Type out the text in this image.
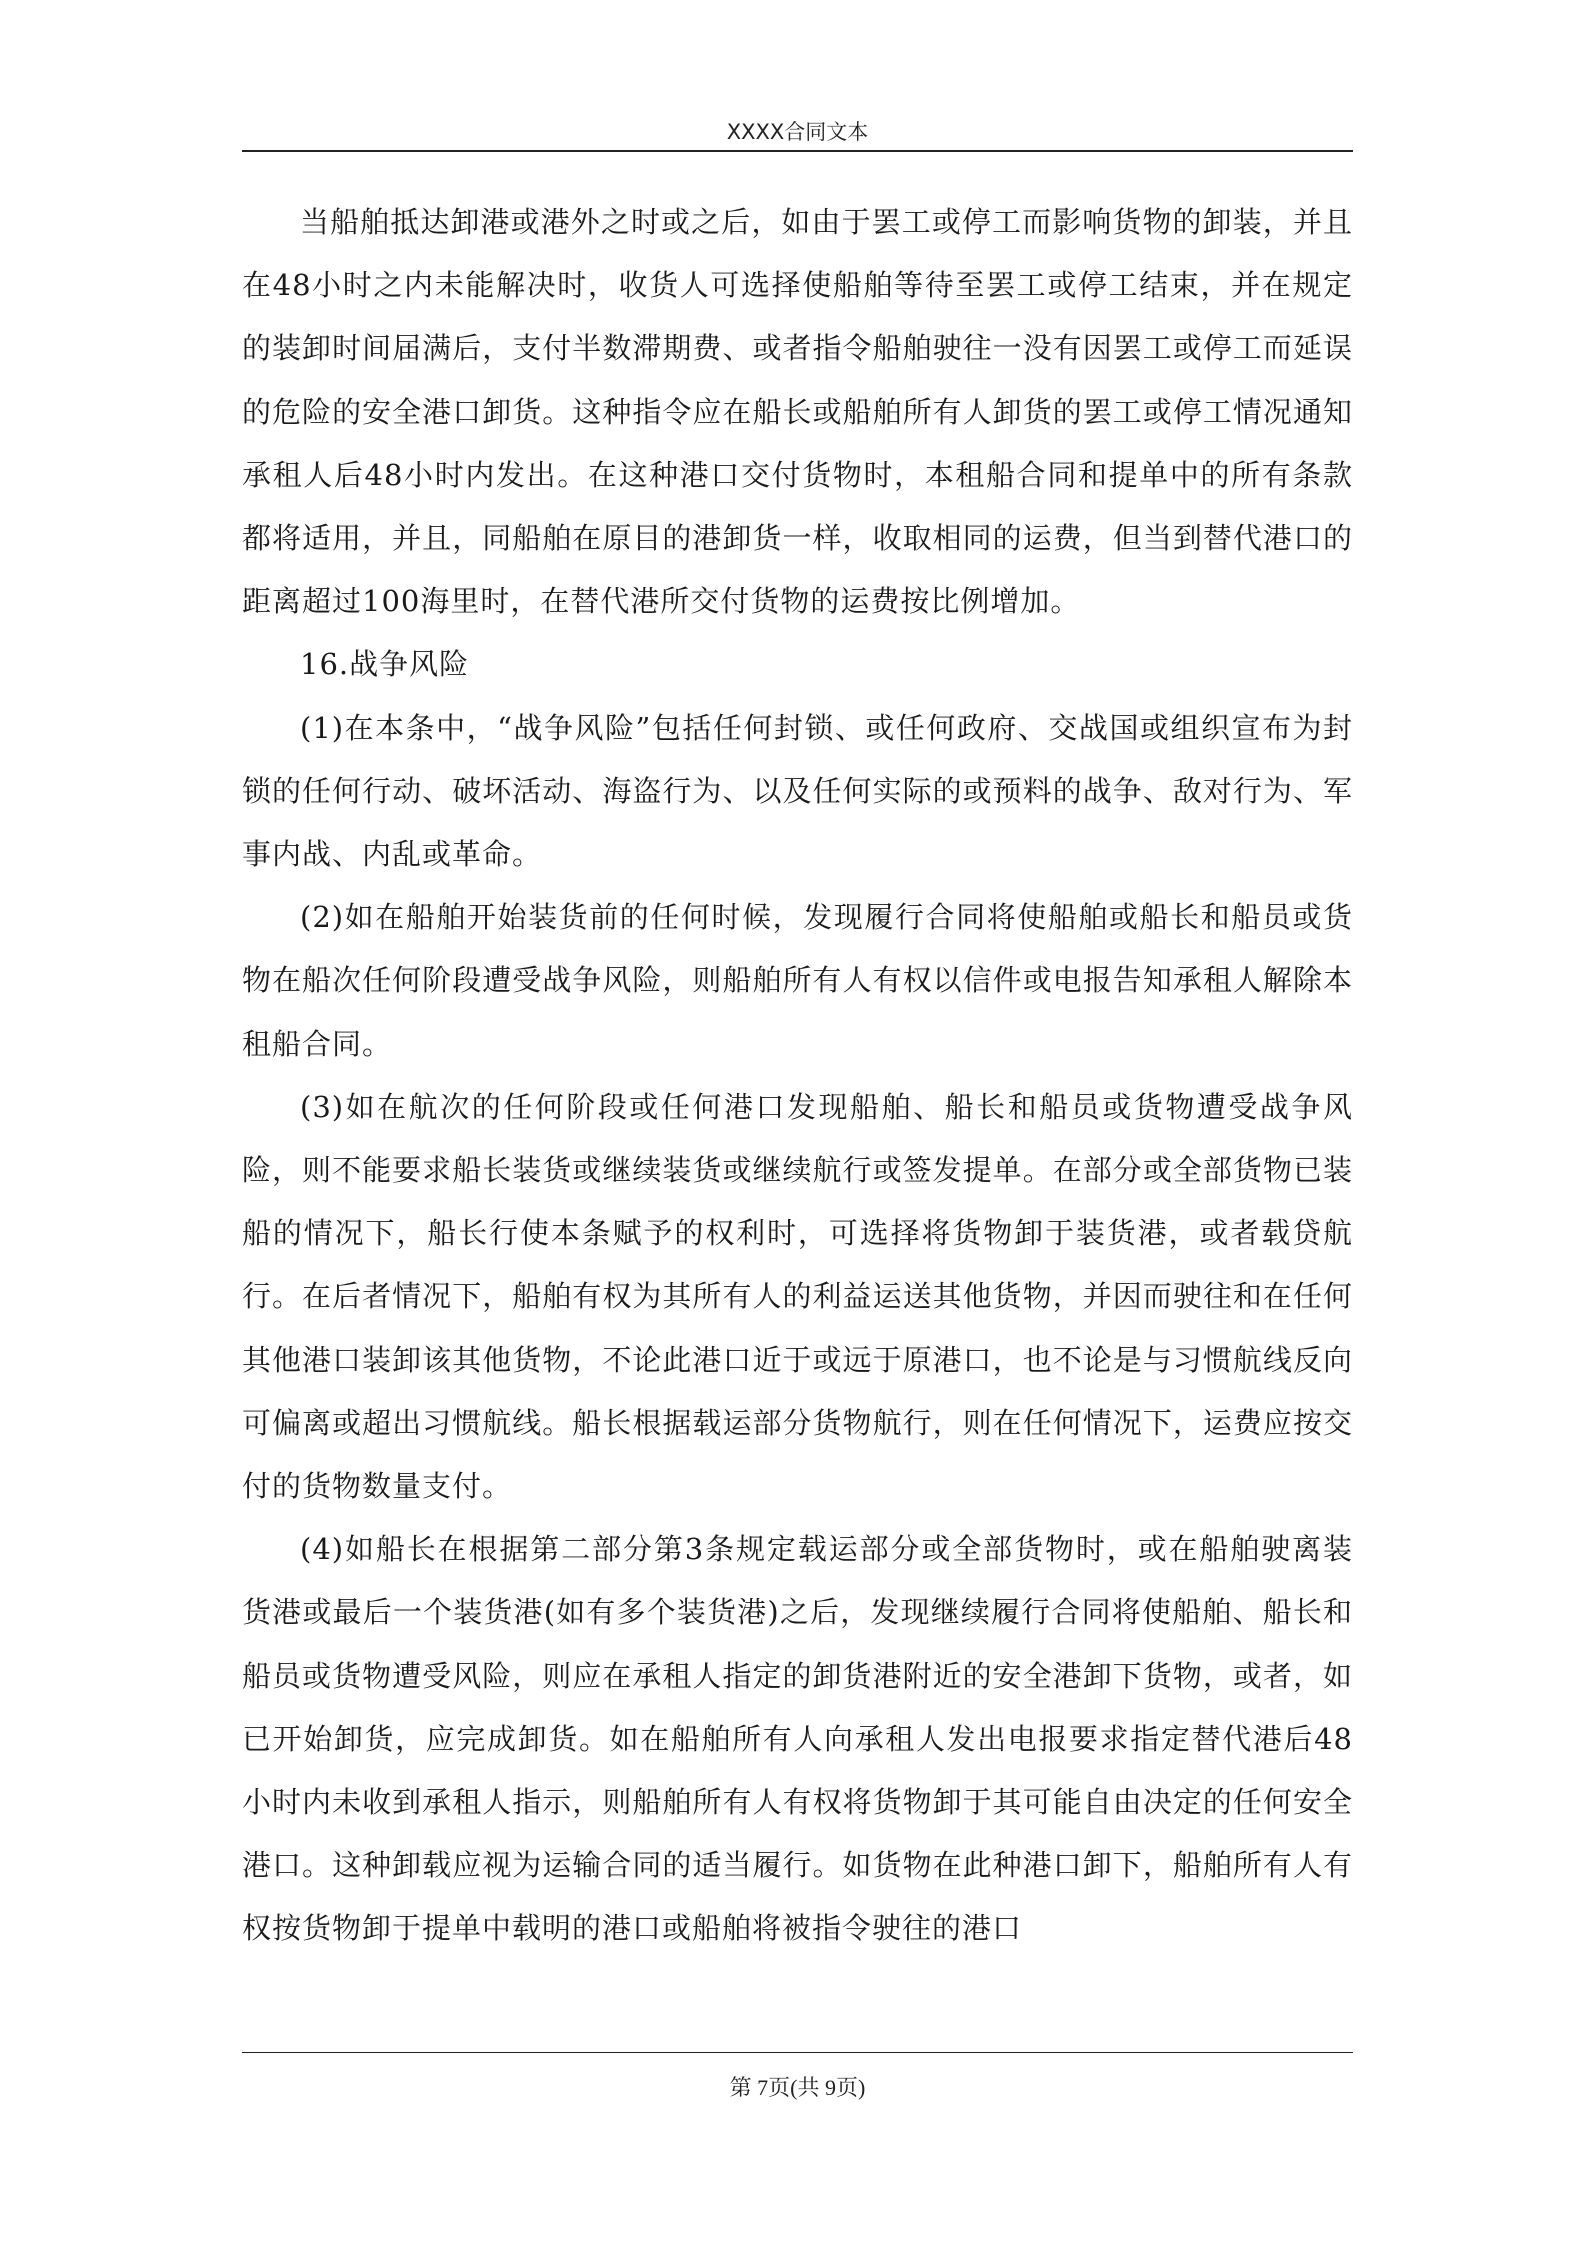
XXXX合同文本

当船舶抵达卸港或港外之时或之后，如由于罢工或停工而影响货物的卸装，并且在48小时之内未能解决时，收货人可选择使船舶等待至罢工或停工结束，并在规定的装卸时间届满后，支付半数滞期费、或者指令船舶驶往一没有因罢工或停工而延误的危险的安全港口卸货。这种指令应在船长或船舶所有人卸货的罢工或停工情况通知承租人后48小时内发出。在这种港口交付货物时，本租船合同和提单中的所有条款都将适用，并且，同船舶在原目的港卸货一样，收取相同的运费，但当到替代港口的距离超过100海里时，在替代港所交付货物的运费按比例增加。

16.战争风险

(1)在本条中，“战争风险”包括任何封锁、或任何政府、交战国或组织宣布为封锁的任何行动、破坏活动、海盗行为、以及任何实际的或预料的战争、敌对行为、军事内战、内乱或革命。

(2)如在船舶开始装货前的任何时候，发现履行合同将使船舶或船长和船员或货物在船次任何阶段遭受战争风险，则船舶所有人有权以信件或电报告知承租人解除本租船合同。

(3)如在航次的任何阶段或任何港口发现船舶、船长和船员或货物遭受战争风险，则不能要求船长装货或继续装货或继续航行或签发提单。在部分或全部货物已装船的情况下，船长行使本条赋予的权利时，可选择将货物卸于装货港，或者载贷航行。在后者情况下，船舶有权为其所有人的利益运送其他货物，并因而驶往和在任何其他港口装卸该其他货物，不论此港口近于或远于原港口，也不论是与习惯航线反向可偏离或超出习惯航线。船长根据载运部分货物航行，则在任何情况下，运费应按交付的货物数量支付。

(4)如船长在根据第二部分第3条规定载运部分或全部货物时，或在船舶驶离装货港或最后一个装货港(如有多个装货港)之后，发现继续履行合同将使船舶、船长和船员或货物遭受风险，则应在承租人指定的卸货港附近的安全港卸下货物，或者，如已开始卸货，应完成卸货。如在船舶所有人向承租人发出电报要求指定替代港后48小时内未收到承租人指示，则船舶所有人有权将货物卸于其可能自由决定的任何安全港口。这种卸载应视为运输合同的适当履行。如货物在此种港口卸下，船舶所有人有权按货物卸于提单中载明的港口或船舶将被指令驶往的港口

第 7页(共 9页)
